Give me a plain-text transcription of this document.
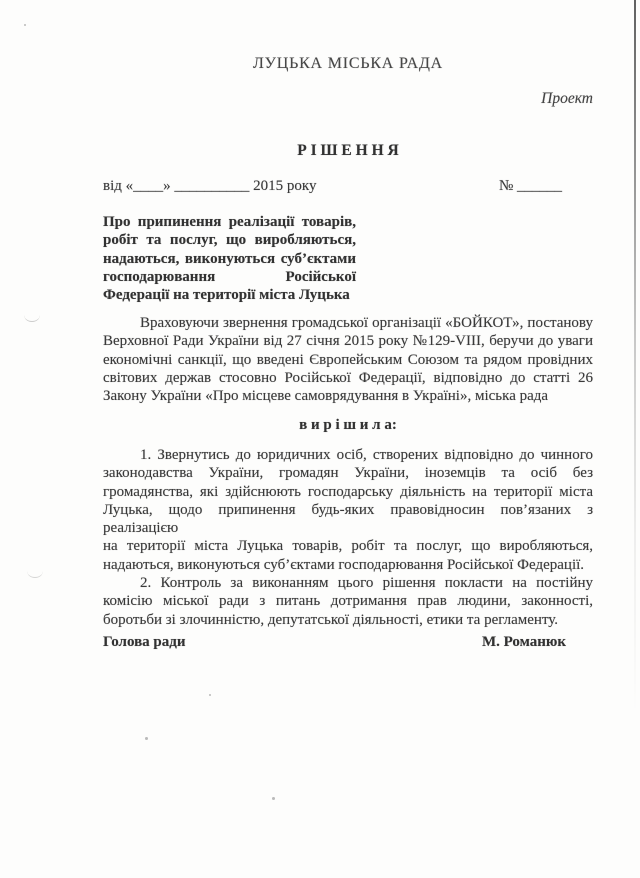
ЛУЦЬКА МІСЬКА РАДА
Проект
Р І Ш Е Н Н Я
від «____» __________ 2015 року	№ ______
Про припинення реалізації товарів,
робіт та послуг, що виробляються,
надаються, виконуються суб’єктами
господарювання Російської
Федерації на території міста Луцька
Враховуючи звернення громадської організації «БОЙКОТ», постанову
Верховної Ради України від 27 січня 2015 року №129-VIII, беручи до уваги
економічні санкції, що введені Європейським Союзом та рядом провідних
світових держав стосовно Російської Федерації, відповідно до статті 26
Закону України «Про місцеве самоврядування в Україні», міська рада
в и р і ш и л а:
1. Звернутись до юридичних осіб, створених відповідно до чинного
законодавства України, громадян України, іноземців та осіб без
громадянства, які здійснюють господарську діяльність на території міста
Луцька, щодо припинення будь-яких правовідносин пов’язаних з реалізацією
на території міста Луцька товарів, робіт та послуг, що виробляються,
надаються, виконуються суб’єктами господарювання Російської Федерації.
2. Контроль за виконанням цього рішення покласти на постійну
комісію міської ради з питань дотримання прав людини, законності,
боротьби зі злочинністю, депутатської діяльності, етики та регламенту.
Голова ради	М. Романюк
